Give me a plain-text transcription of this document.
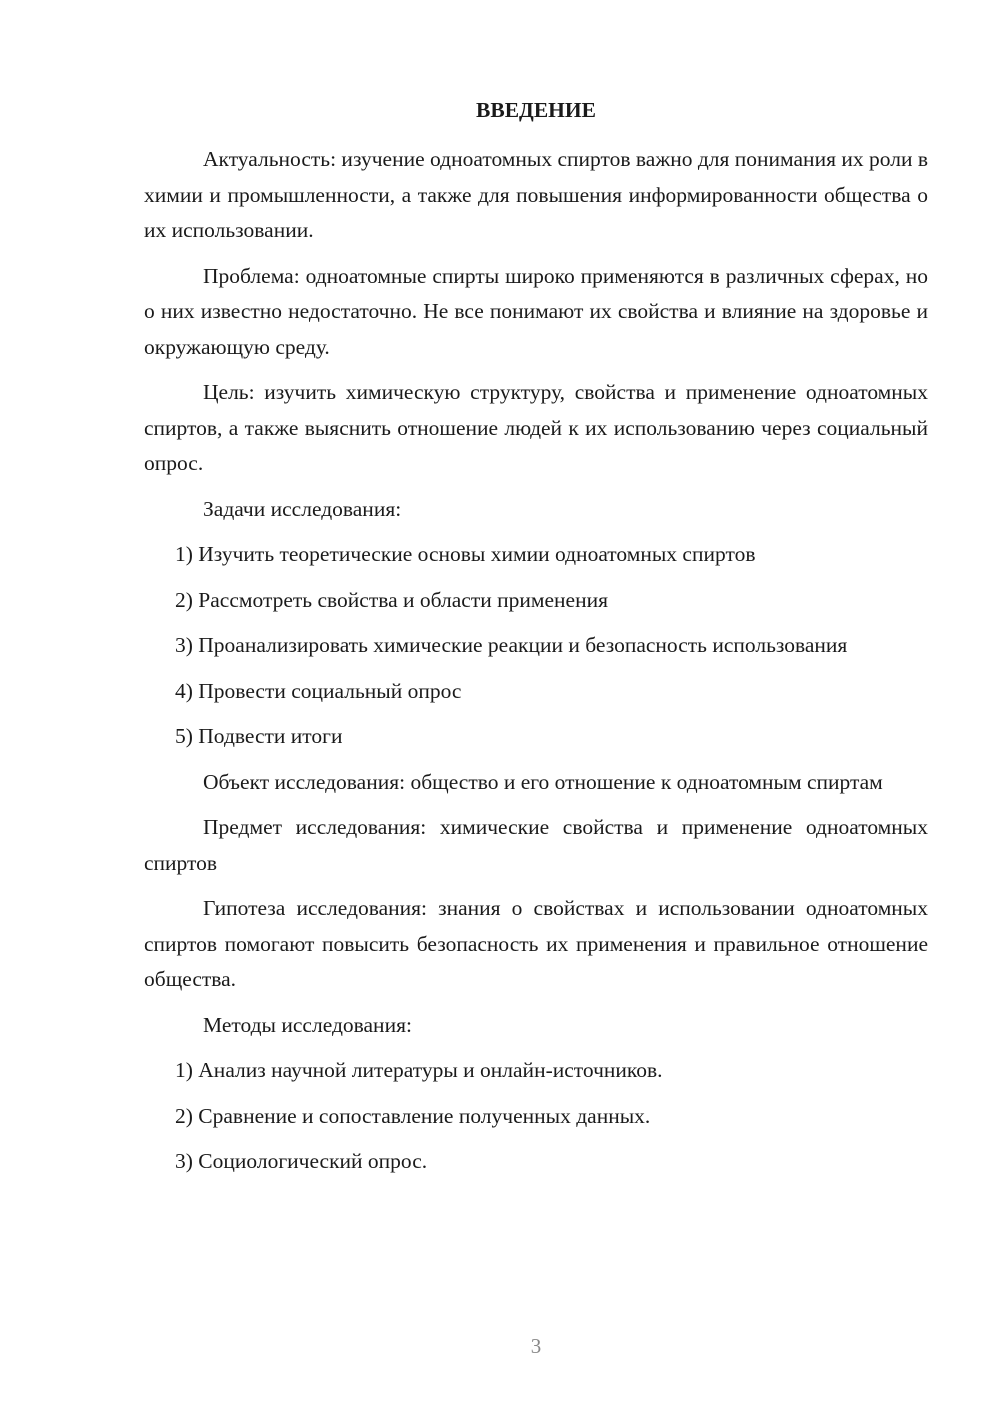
ВВЕДЕНИЕ

Актуальность: изучение одноатомных спиртов важно для понимания их роли в химии и промышленности, а также для повышения информированности общества о их использовании.

Проблема: одноатомные спирты широко применяются в различных сферах, но о них известно недостаточно. Не все понимают их свойства и влияние на здоровье и окружающую среду.

Цель: изучить химическую структуру, свойства и применение одноатомных спиртов, а также выяснить отношение людей к их использованию через социальный опрос.

Задачи исследования:

1) Изучить теоретические основы химии одноатомных спиртов

2) Рассмотреть свойства и области применения

3) Проанализировать химические реакции и безопасность использования

4) Провести социальный опрос

5) Подвести итоги

Объект исследования: общество и его отношение к одноатомным спиртам

Предмет исследования: химические свойства и применение одноатомных спиртов

Гипотеза исследования: знания о свойствах и использовании одноатомных спиртов помогают повысить безопасность их применения и правильное отношение общества.

Методы исследования:

1) Анализ научной литературы и онлайн-источников.

2) Сравнение и сопоставление полученных данных.

3) Социологический опрос.

3
